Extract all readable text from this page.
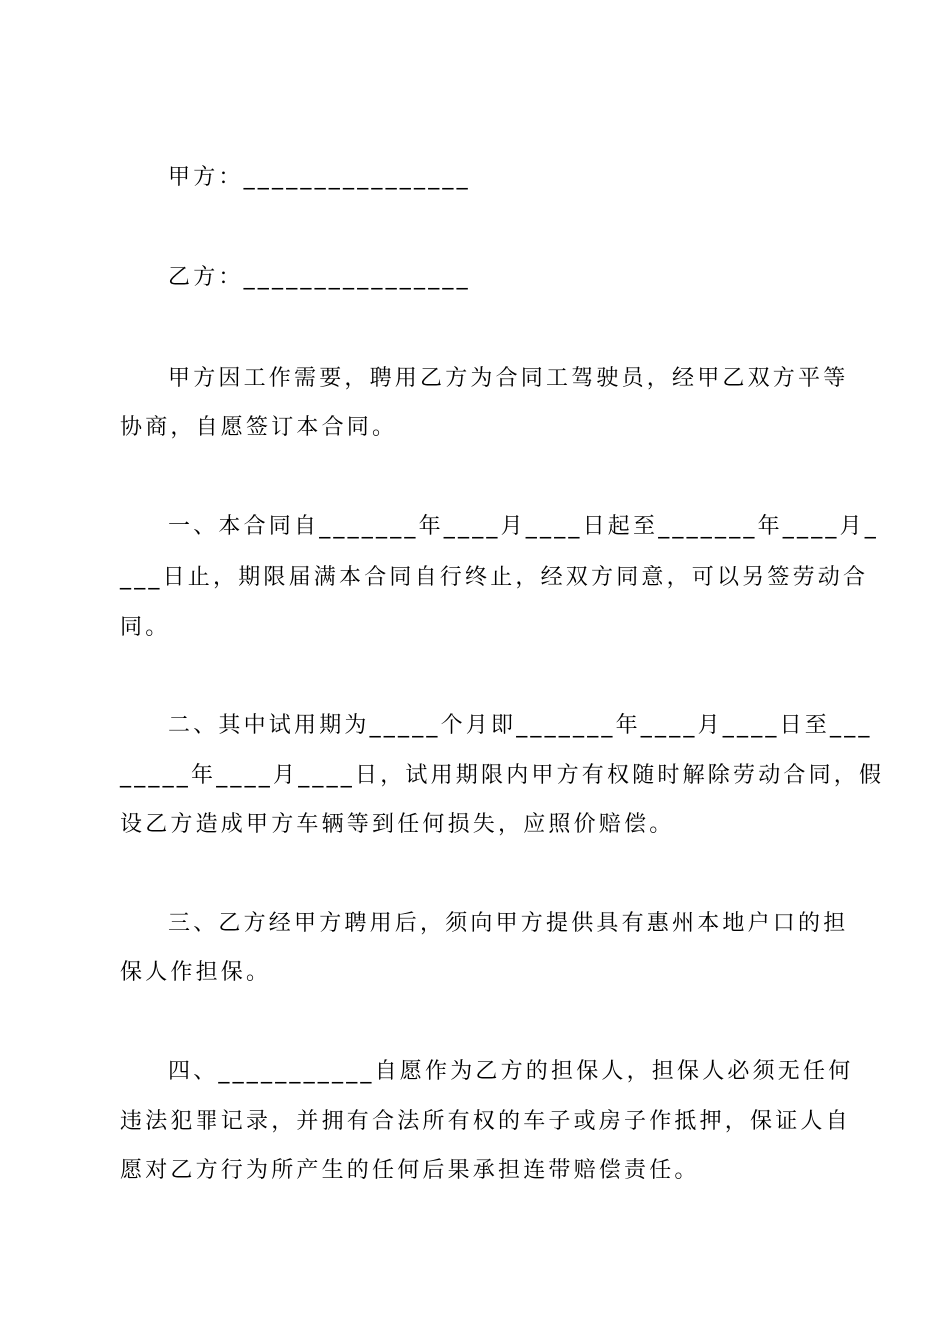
甲方：________________
乙方：________________
甲方因工作需要，聘用乙方为合同工驾驶员，经甲乙双方平等
协商，自愿签订本合同。
一、本合同自_______年____月____日起至_______年____月_
___日止，期限届满本合同自行终止，经双方同意，可以另签劳动合
同。
二、其中试用期为_____个月即_______年____月____日至___
_____年____月____日，试用期限内甲方有权随时解除劳动合同，假
设乙方造成甲方车辆等到任何损失，应照价赔偿。
三、乙方经甲方聘用后，须向甲方提供具有惠州本地户口的担
保人作担保。
四、___________自愿作为乙方的担保人，担保人必须无任何
违法犯罪记录，并拥有合法所有权的车子或房子作抵押，保证人自
愿对乙方行为所产生的任何后果承担连带赔偿责任。
